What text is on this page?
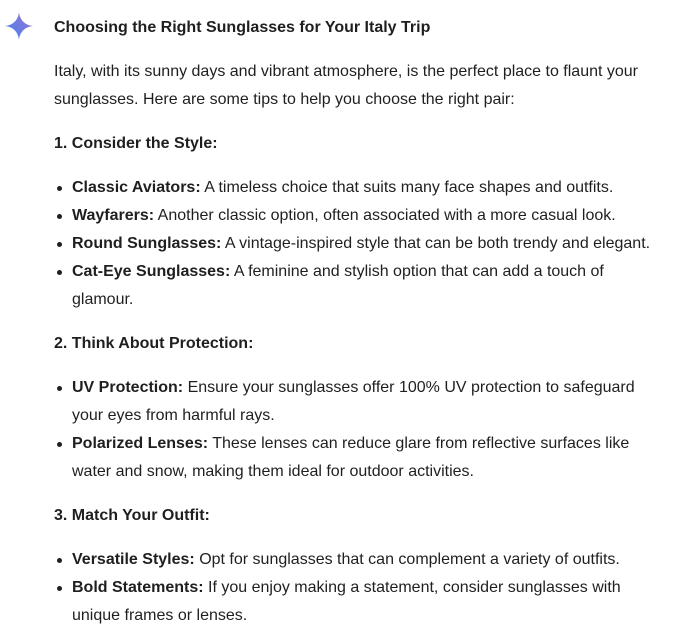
Choosing the Right Sunglasses for Your Italy Trip
Italy, with its sunny days and vibrant atmosphere, is the perfect place to flaunt your sunglasses. Here are some tips to help you choose the right pair:
1. Consider the Style:
Classic Aviators: A timeless choice that suits many face shapes and outfits.
Wayfarers: Another classic option, often associated with a more casual look.
Round Sunglasses: A vintage-inspired style that can be both trendy and elegant.
Cat-Eye Sunglasses: A feminine and stylish option that can add a touch of glamour.
2. Think About Protection:
UV Protection: Ensure your sunglasses offer 100% UV protection to safeguard your eyes from harmful rays.
Polarized Lenses: These lenses can reduce glare from reflective surfaces like water and snow, making them ideal for outdoor activities.
3. Match Your Outfit:
Versatile Styles: Opt for sunglasses that can complement a variety of outfits.
Bold Statements: If you enjoy making a statement, consider sunglasses with unique frames or lenses.
